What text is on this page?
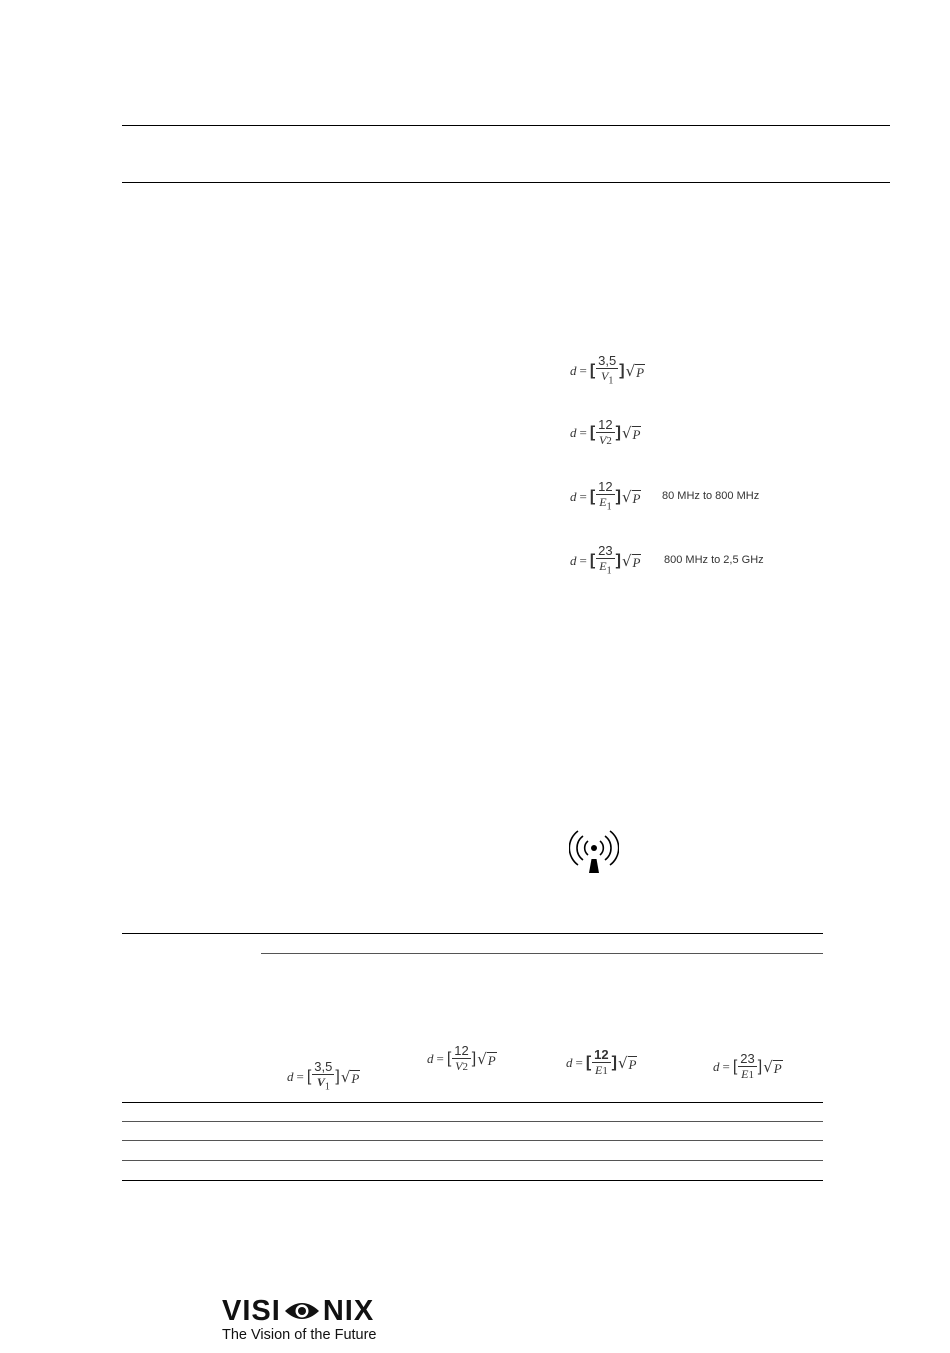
d = [ $\frac{3,5}{V_1}$ ] √ P
d = [ $\frac{12}{V2}$ ] √ P
d = [ $\frac{12}{E_1}$ ] √ P 80 MHz to 800 MHz
d = [ $\frac{23}{E_1}$ ] √ P 800 MHz to 2,5 GHz
d = [ $\frac{3,5}{V_1}$ ] √ P
d = [ $\frac{12}{V2}$ ] √ P	d = [ $\frac{12}{E1}$ ] √ P	d = [ $\frac{23}{E1}$ ] √ P
VISI NIX
The Vision of the Future
